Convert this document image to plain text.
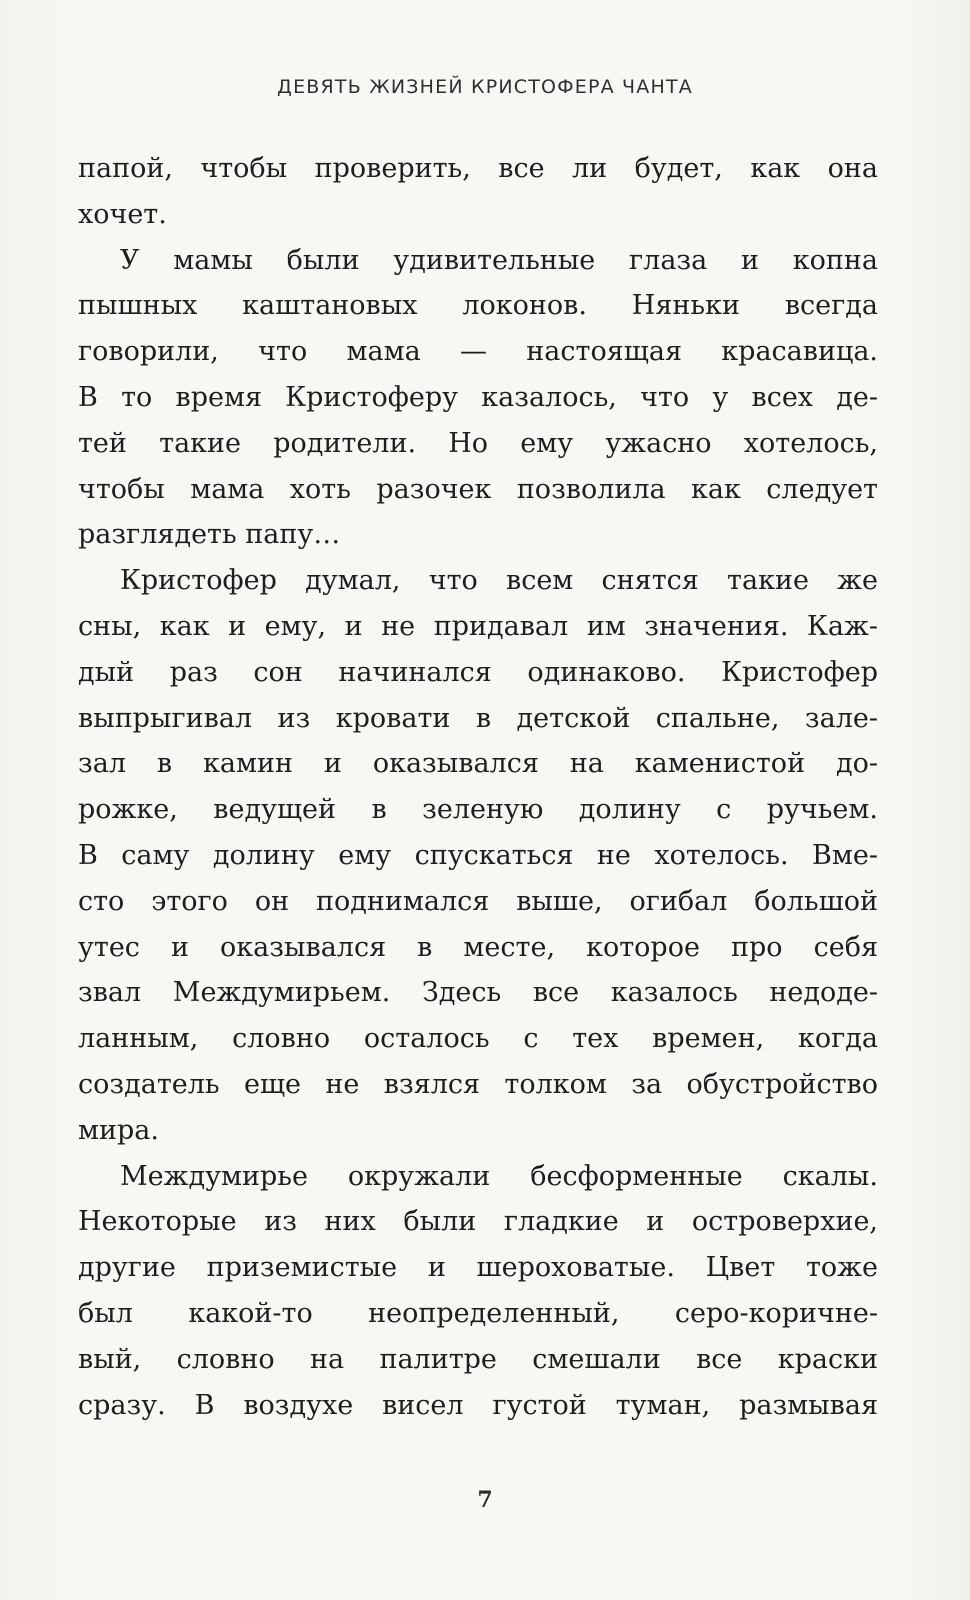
ДЕВЯТЬ ЖИЗНЕЙ КРИСТОФЕРА ЧАНТА
папой, чтобы проверить, все ли будет, как она
хочет.
У мамы были удивительные глаза и копна
пышных каштановых локонов. Няньки всегда
говорили, что мама — настоящая красавица.
В то время Кристоферу казалось, что у всех де-
тей такие родители. Но ему ужасно хотелось,
чтобы мама хоть разочек позволила как следует
разглядеть папу…
Кристофер думал, что всем снятся такие же
сны, как и ему, и не придавал им значения. Каж-
дый раз сон начинался одинаково. Кристофер
выпрыгивал из кровати в детской спальне, зале-
зал в камин и оказывался на каменистой до-
рожке, ведущей в зеленую долину с ручьем.
В саму долину ему спускаться не хотелось. Вме-
сто этого он поднимался выше, огибал большой
утес и оказывался в месте, которое про себя
звал Междумирьем. Здесь все казалось недоде-
ланным, словно осталось с тех времен, когда
создатель еще не взялся толком за обустройство
мира.
Междумирье окружали бесформенные скалы.
Некоторые из них были гладкие и островерхие,
другие приземистые и шероховатые. Цвет тоже
был какой-то неопределенный, серо-коричне-
вый, словно на палитре смешали все краски
сразу. В воздухе висел густой туман, размывая
7
